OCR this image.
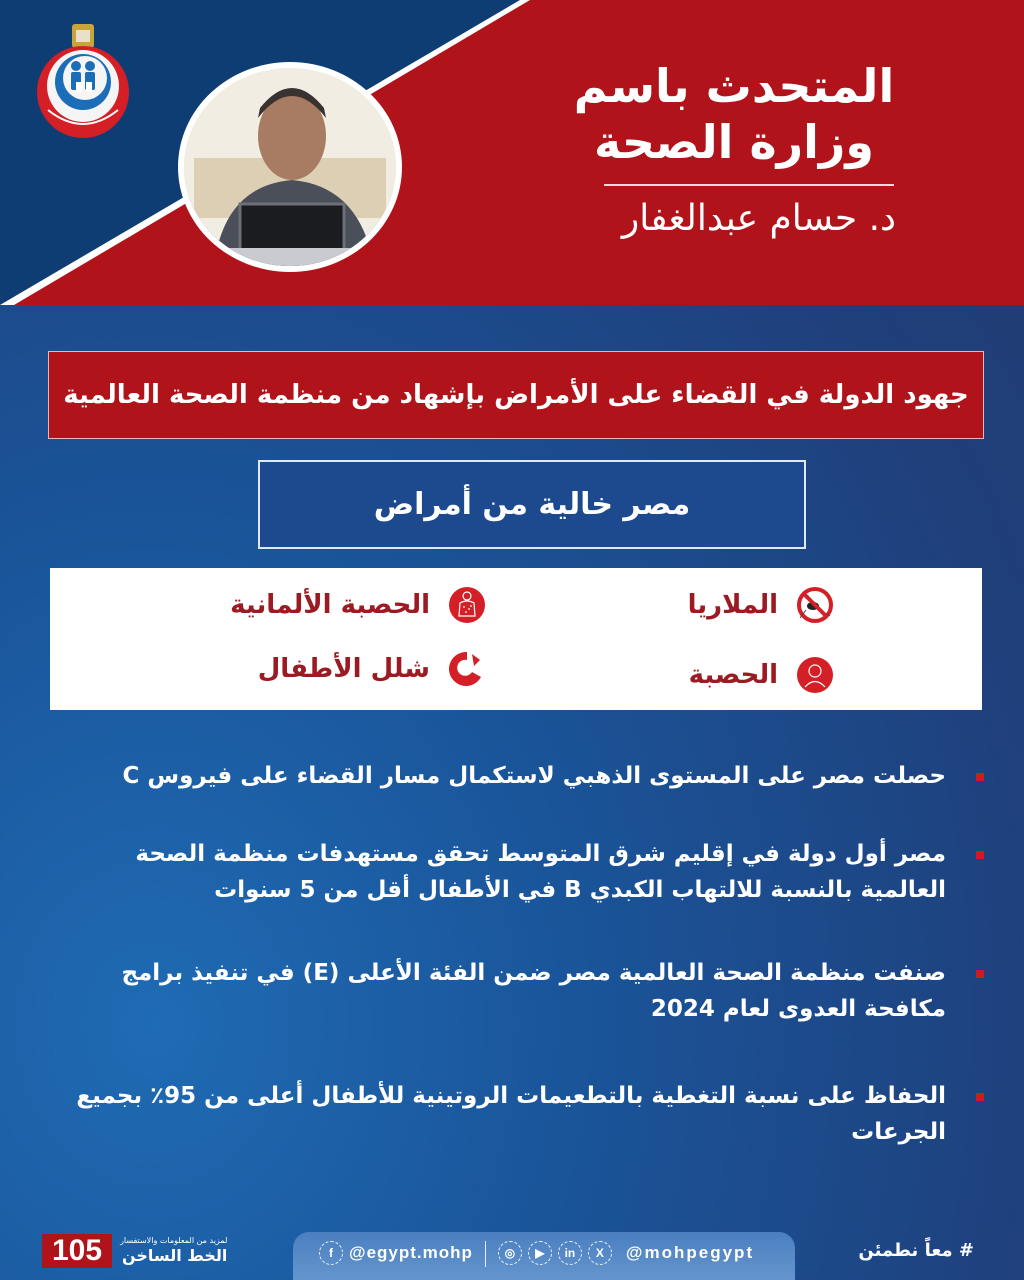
المتحدث باسم
وزارة الصحة
د. حسام عبدالغفار
جهود الدولة في القضاء على الأمراض بإشهاد من منظمة الصحة العالمية
مصر خالية من أمراض
الملاريا
الحصبة الألمانية
الحصبة
شلل الأطفال
حصلت مصر على المستوى الذهبي لاستكمال مسار القضاء على فيروس C
مصر أول دولة في إقليم شرق المتوسط تحقق مستهدفات منظمة الصحة العالمية بالنسبة للالتهاب الكبدي B في الأطفال أقل من 5 سنوات
صنفت منظمة الصحة العالمية مصر ضمن الفئة الأعلى (E) في تنفيذ برامج مكافحة العدوى لعام 2024
الحفاظ على نسبة التغطية بالتطعيمات الروتينية للأطفال أعلى من 95٪ بجميع الجرعات
105	لمزيد من المعلومات والاستفسار
الخط الساخن	f @egypt.mohp	◎	▶	in	X	@mohpegypt	# معاً نطمئن
